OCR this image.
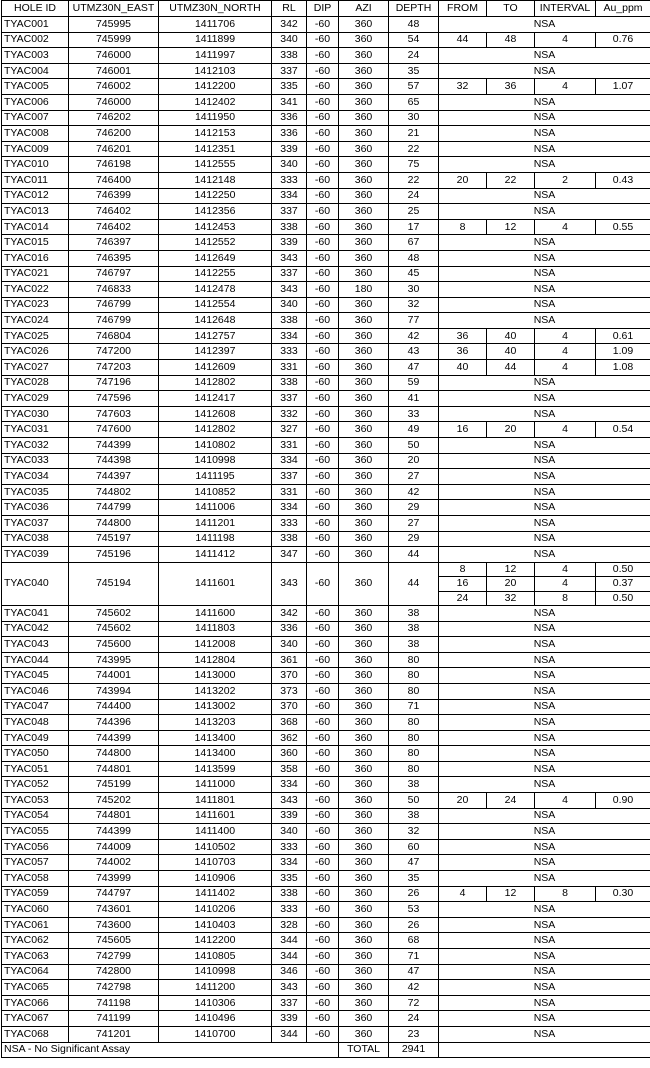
HOLE ID	UTMZ30N_EAST	UTMZ30N_NORTH	RL	DIP	AZI	DEPTH	FROM	TO	INTERVAL	Au_ppm
TYAC001	745995	1411706	342	-60	360	48	NSA			
TYAC002	745999	1411899	340	-60	360	54	44	48	4	0.76
TYAC003	746000	1411997	338	-60	360	24	NSA			
TYAC004	746001	1412103	337	-60	360	35	NSA			
TYAC005	746002	1412200	335	-60	360	57	32	36	4	1.07
TYAC006	746000	1412402	341	-60	360	65	NSA			
TYAC007	746202	1411950	336	-60	360	30	NSA			
TYAC008	746200	1412153	336	-60	360	21	NSA			
TYAC009	746201	1412351	339	-60	360	22	NSA			
TYAC010	746198	1412555	340	-60	360	75	NSA			
TYAC011	746400	1412148	333	-60	360	22	20	22	2	0.43
TYAC012	746399	1412250	334	-60	360	24	NSA			
TYAC013	746402	1412356	337	-60	360	25	NSA			
TYAC014	746402	1412453	338	-60	360	17	8	12	4	0.55
TYAC015	746397	1412552	339	-60	360	67	NSA			
TYAC016	746395	1412649	343	-60	360	48	NSA			
TYAC021	746797	1412255	337	-60	360	45	NSA			
TYAC022	746833	1412478	343	-60	180	30	NSA			
TYAC023	746799	1412554	340	-60	360	32	NSA			
TYAC024	746799	1412648	338	-60	360	77	NSA			
TYAC025	746804	1412757	334	-60	360	42	36	40	4	0.61
TYAC026	747200	1412397	333	-60	360	43	36	40	4	1.09
TYAC027	747203	1412609	331	-60	360	47	40	44	4	1.08
TYAC028	747196	1412802	338	-60	360	59	NSA			
TYAC029	747596	1412417	337	-60	360	41	NSA			
TYAC030	747603	1412608	332	-60	360	33	NSA			
TYAC031	747600	1412802	327	-60	360	49	16	20	4	0.54
TYAC032	744399	1410802	331	-60	360	50	NSA			
TYAC033	744398	1410998	334	-60	360	20	NSA			
TYAC034	744397	1411195	337	-60	360	27	NSA			
TYAC035	744802	1410852	331	-60	360	42	NSA			
TYAC036	744799	1411006	334	-60	360	29	NSA			
TYAC037	744800	1411201	333	-60	360	27	NSA			
TYAC038	745197	1411198	338	-60	360	29	NSA			
TYAC039	745196	1411412	347	-60	360	44	NSA			
TYAC040	745194	1411601	343	-60	360	44	8	12	4	0.50
							16	20	4	0.37
							24	32	8	0.50
TYAC041	745602	1411600	342	-60	360	38	NSA			
TYAC042	745602	1411803	336	-60	360	38	NSA			
TYAC043	745600	1412008	340	-60	360	38	NSA			
TYAC044	743995	1412804	361	-60	360	80	NSA			
TYAC045	744001	1413000	370	-60	360	80	NSA			
TYAC046	743994	1413202	373	-60	360	80	NSA			
TYAC047	744400	1413002	370	-60	360	71	NSA			
TYAC048	744396	1413203	368	-60	360	80	NSA			
TYAC049	744399	1413400	362	-60	360	80	NSA			
TYAC050	744800	1413400	360	-60	360	80	NSA			
TYAC051	744801	1413599	358	-60	360	80	NSA			
TYAC052	745199	1411000	334	-60	360	38	NSA			
TYAC053	745202	1411801	343	-60	360	50	20	24	4	0.90
TYAC054	744801	1411601	339	-60	360	38	NSA			
TYAC055	744399	1411400	340	-60	360	32	NSA			
TYAC056	744009	1410502	333	-60	360	60	NSA			
TYAC057	744002	1410703	334	-60	360	47	NSA			
TYAC058	743999	1410906	335	-60	360	35	NSA			
TYAC059	744797	1411402	338	-60	360	26	4	12	8	0.30
TYAC060	743601	1410206	333	-60	360	53	NSA			
TYAC061	743600	1410403	328	-60	360	26	NSA			
TYAC062	745605	1412200	344	-60	360	68	NSA			
TYAC063	742799	1410805	344	-60	360	71	NSA			
TYAC064	742800	1410998	346	-60	360	47	NSA			
TYAC065	742798	1411200	343	-60	360	42	NSA			
TYAC066	741198	1410306	337	-60	360	72	NSA			
TYAC067	741199	1410496	339	-60	360	24	NSA			
TYAC068	741201	1410700	344	-60	360	23	NSA			
NSA - No Significant Assay					TOTAL	2941				
